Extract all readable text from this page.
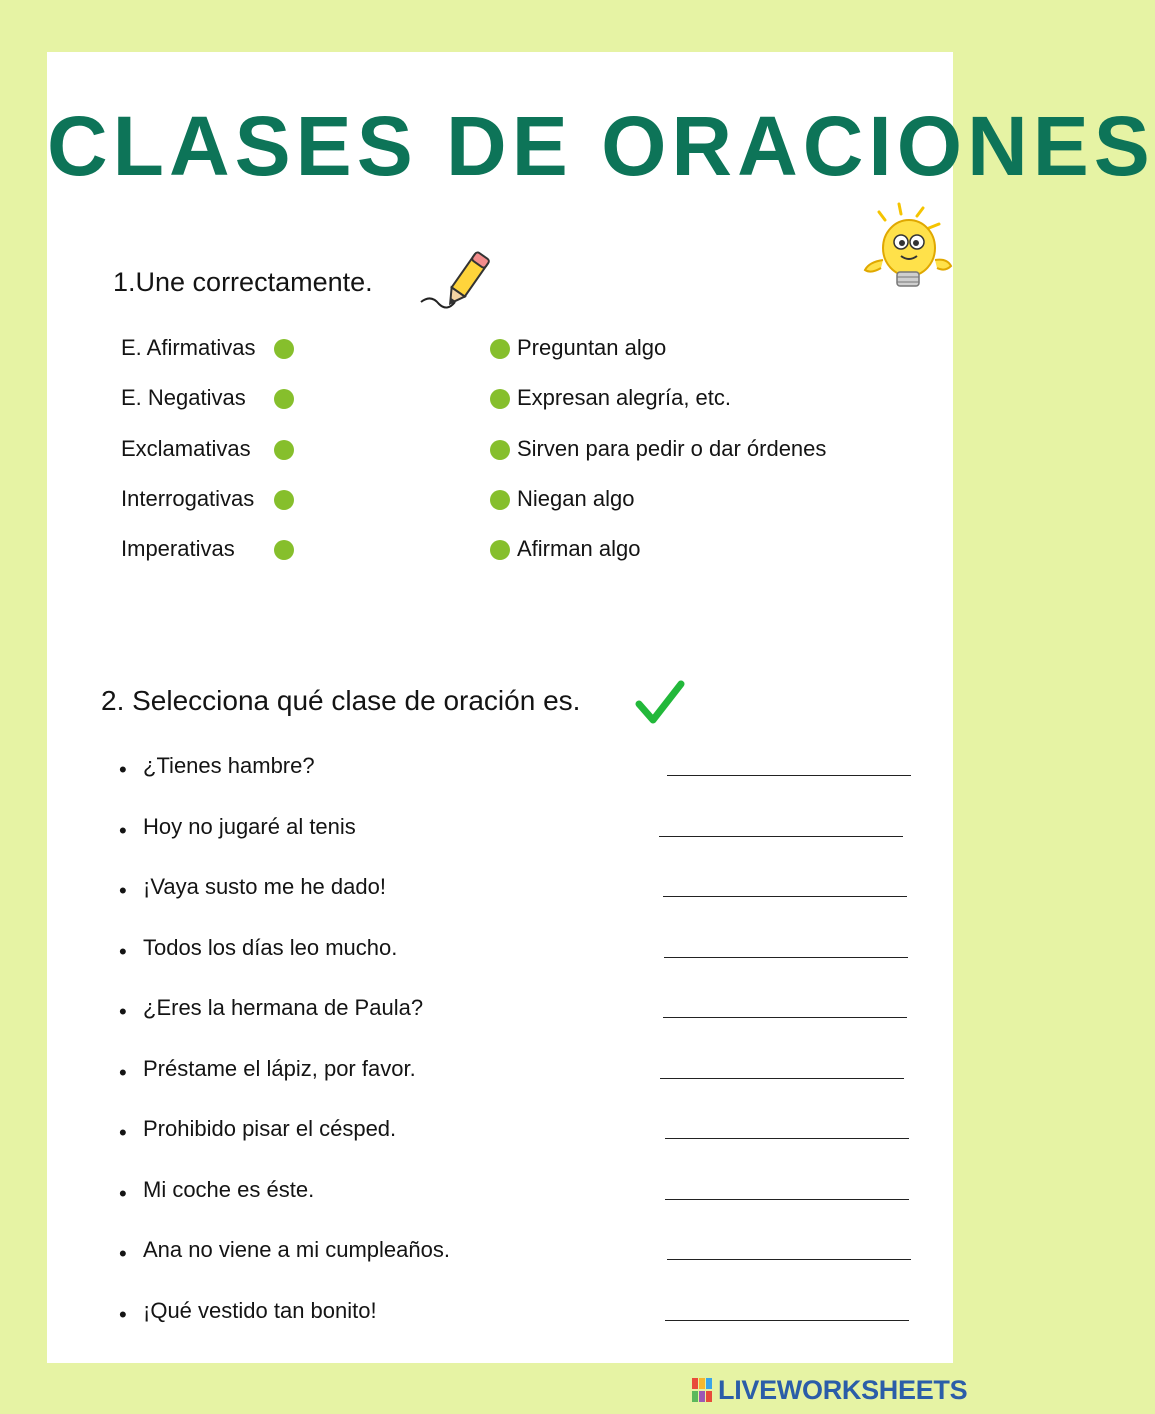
CLASES DE ORACIONES
1.Une correctamente.
E. Afirmativas
E. Negativas
Exclamativas
Interrogativas
Imperativas
Preguntan algo
Expresan alegría, etc.
Sirven para pedir o dar órdenes
Niegan algo
Afirman algo
2. Selecciona qué clase de oración es.
• ¿Tienes hambre?
• Hoy no jugaré al tenis
• ¡Vaya susto me he dado!
• Todos los días leo mucho.
• ¿Eres la hermana de Paula?
• Préstame el lápiz, por favor.
• Prohibido pisar el césped.
• Mi coche es éste.
• Ana no viene a mi cumpleaños.
• ¡Qué vestido tan bonito!
LIVEWORKSHEETS
